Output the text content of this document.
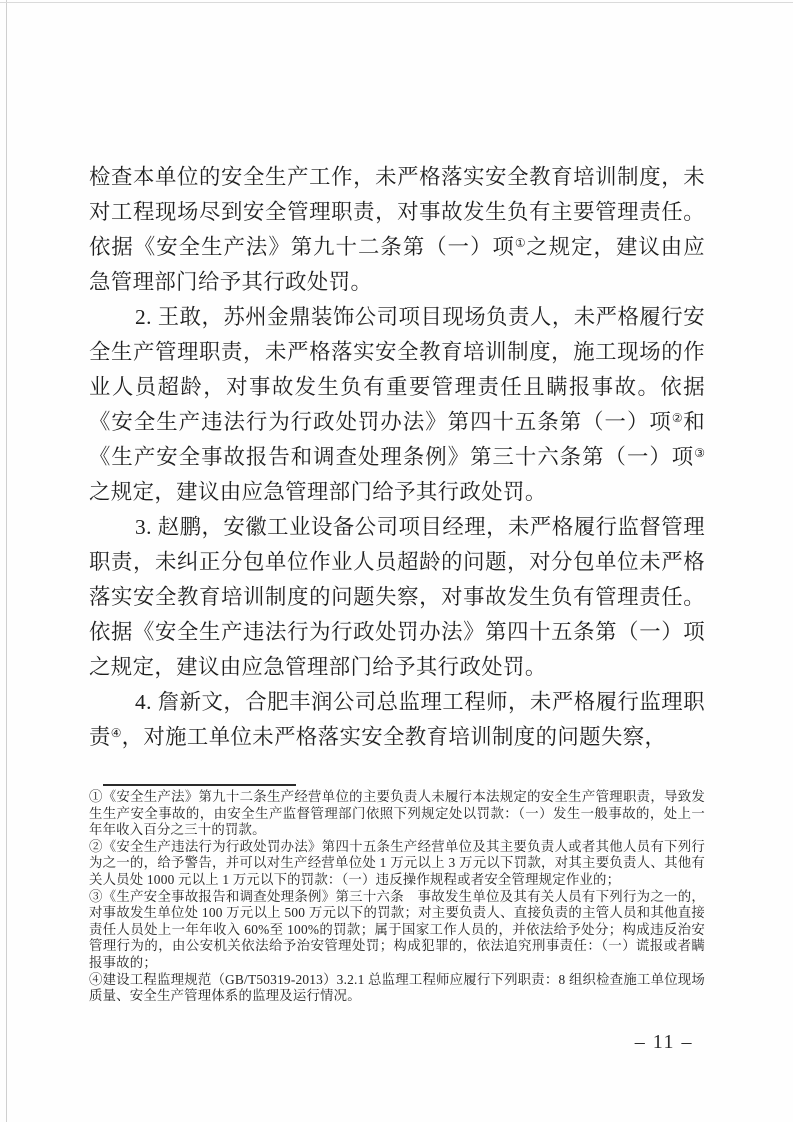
检查本单位的安全生产工作，未严格落实安全教育培训制度，未对工程现场尽到安全管理职责，对事故发生负有主要管理责任。依据《安全生产法》第九十二条第（一）项①之规定，建议由应急管理部门给予其行政处罚。

2. 王敢，苏州金鼎装饰公司项目现场负责人，未严格履行安全生产管理职责，未严格落实安全教育培训制度，施工现场的作业人员超龄，对事故发生负有重要管理责任且瞒报事故。依据《安全生产违法行为行政处罚办法》第四十五条第（一）项②和《生产安全事故报告和调查处理条例》第三十六条第（一）项③之规定，建议由应急管理部门给予其行政处罚。

3. 赵鹏，安徽工业设备公司项目经理，未严格履行监督管理职责，未纠正分包单位作业人员超龄的问题，对分包单位未严格落实安全教育培训制度的问题失察，对事故发生负有管理责任。依据《安全生产违法行为行政处罚办法》第四十五条第（一）项之规定，建议由应急管理部门给予其行政处罚。

4. 詹新文，合肥丰润公司总监理工程师，未严格履行监理职责④，对施工单位未严格落实安全教育培训制度的问题失察，

①《安全生产法》第九十二条生产经营单位的主要负责人未履行本法规定的安全生产管理职责，导致发生生产安全事故的，由安全生产监督管理部门依照下列规定处以罚款：（一）发生一般事故的，处上一年年收入百分之三十的罚款。

②《安全生产违法行为行政处罚办法》第四十五条生产经营单位及其主要负责人或者其他人员有下列行为之一的，给予警告，并可以对生产经营单位处 1 万元以上 3 万元以下罚款，对其主要负责人、其他有关人员处 1000 元以上 1 万元以下的罚款：（一）违反操作规程或者安全管理规定作业的；

③《生产安全事故报告和调查处理条例》第三十六条　事故发生单位及其有关人员有下列行为之一的，对事故发生单位处 100 万元以上 500 万元以下的罚款；对主要负责人、直接负责的主管人员和其他直接责任人员处上一年年收入 60%至 100%的罚款；属于国家工作人员的，并依法给予处分；构成违反治安管理行为的，由公安机关依法给予治安管理处罚；构成犯罪的，依法追究刑事责任：（一）谎报或者瞒报事故的；

④建设工程监理规范（GB/T50319-2013）3.2.1 总监理工程师应履行下列职责：8 组织检查施工单位现场质量、安全生产管理体系的监理及运行情况。

– 11 –
